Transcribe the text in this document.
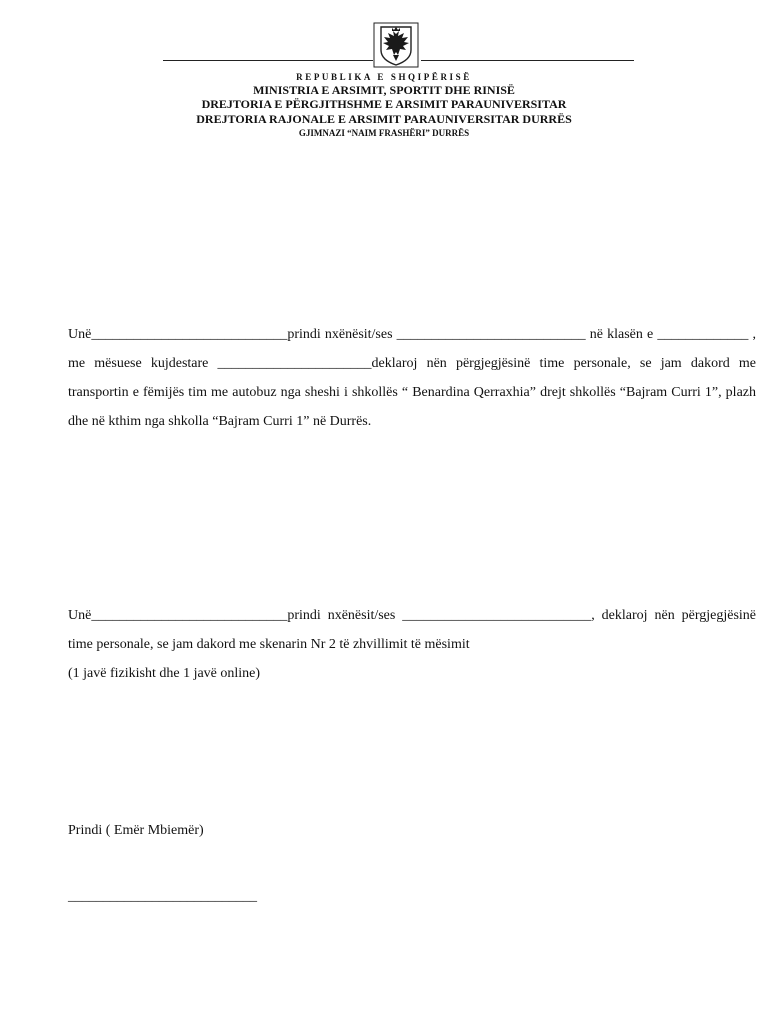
REPUBLIKA E SHQIPËRISË
MINISTRIA E ARSIMIT, SPORTIT DHE RINISË
DREJTORIA E PËRGJITHSHME E ARSIMIT PARAUNIVERSITAR
DREJTORIA RAJONALE E ARSIMIT PARAUNIVERSITAR DURRËS
GJIMNAZI “NAIM FRASHËRI” DURRËS
Unë____________________________prindi nxënësit/ses ___________________________ në klasën e _____________ , me mësuese kujdestare ______________________deklaroj nën përgjegjësinë time personale, se jam dakord me transportin e fëmijës tim me autobuz nga sheshi i shkollës “ Benardina Qerraxhia” drejt shkollës “Bajram Curri 1”, plazh dhe në kthim nga shkolla “Bajram Curri 1” në Durrës.
Unë____________________________prindi nxënësit/ses ___________________________, deklaroj nën përgjegjësinë time personale, se jam dakord me skenarin Nr 2 të zhvillimit të mësimit
(1 javë fizikisht dhe 1 javë online)
Prindi ( Emër Mbiemër)
___________________________
